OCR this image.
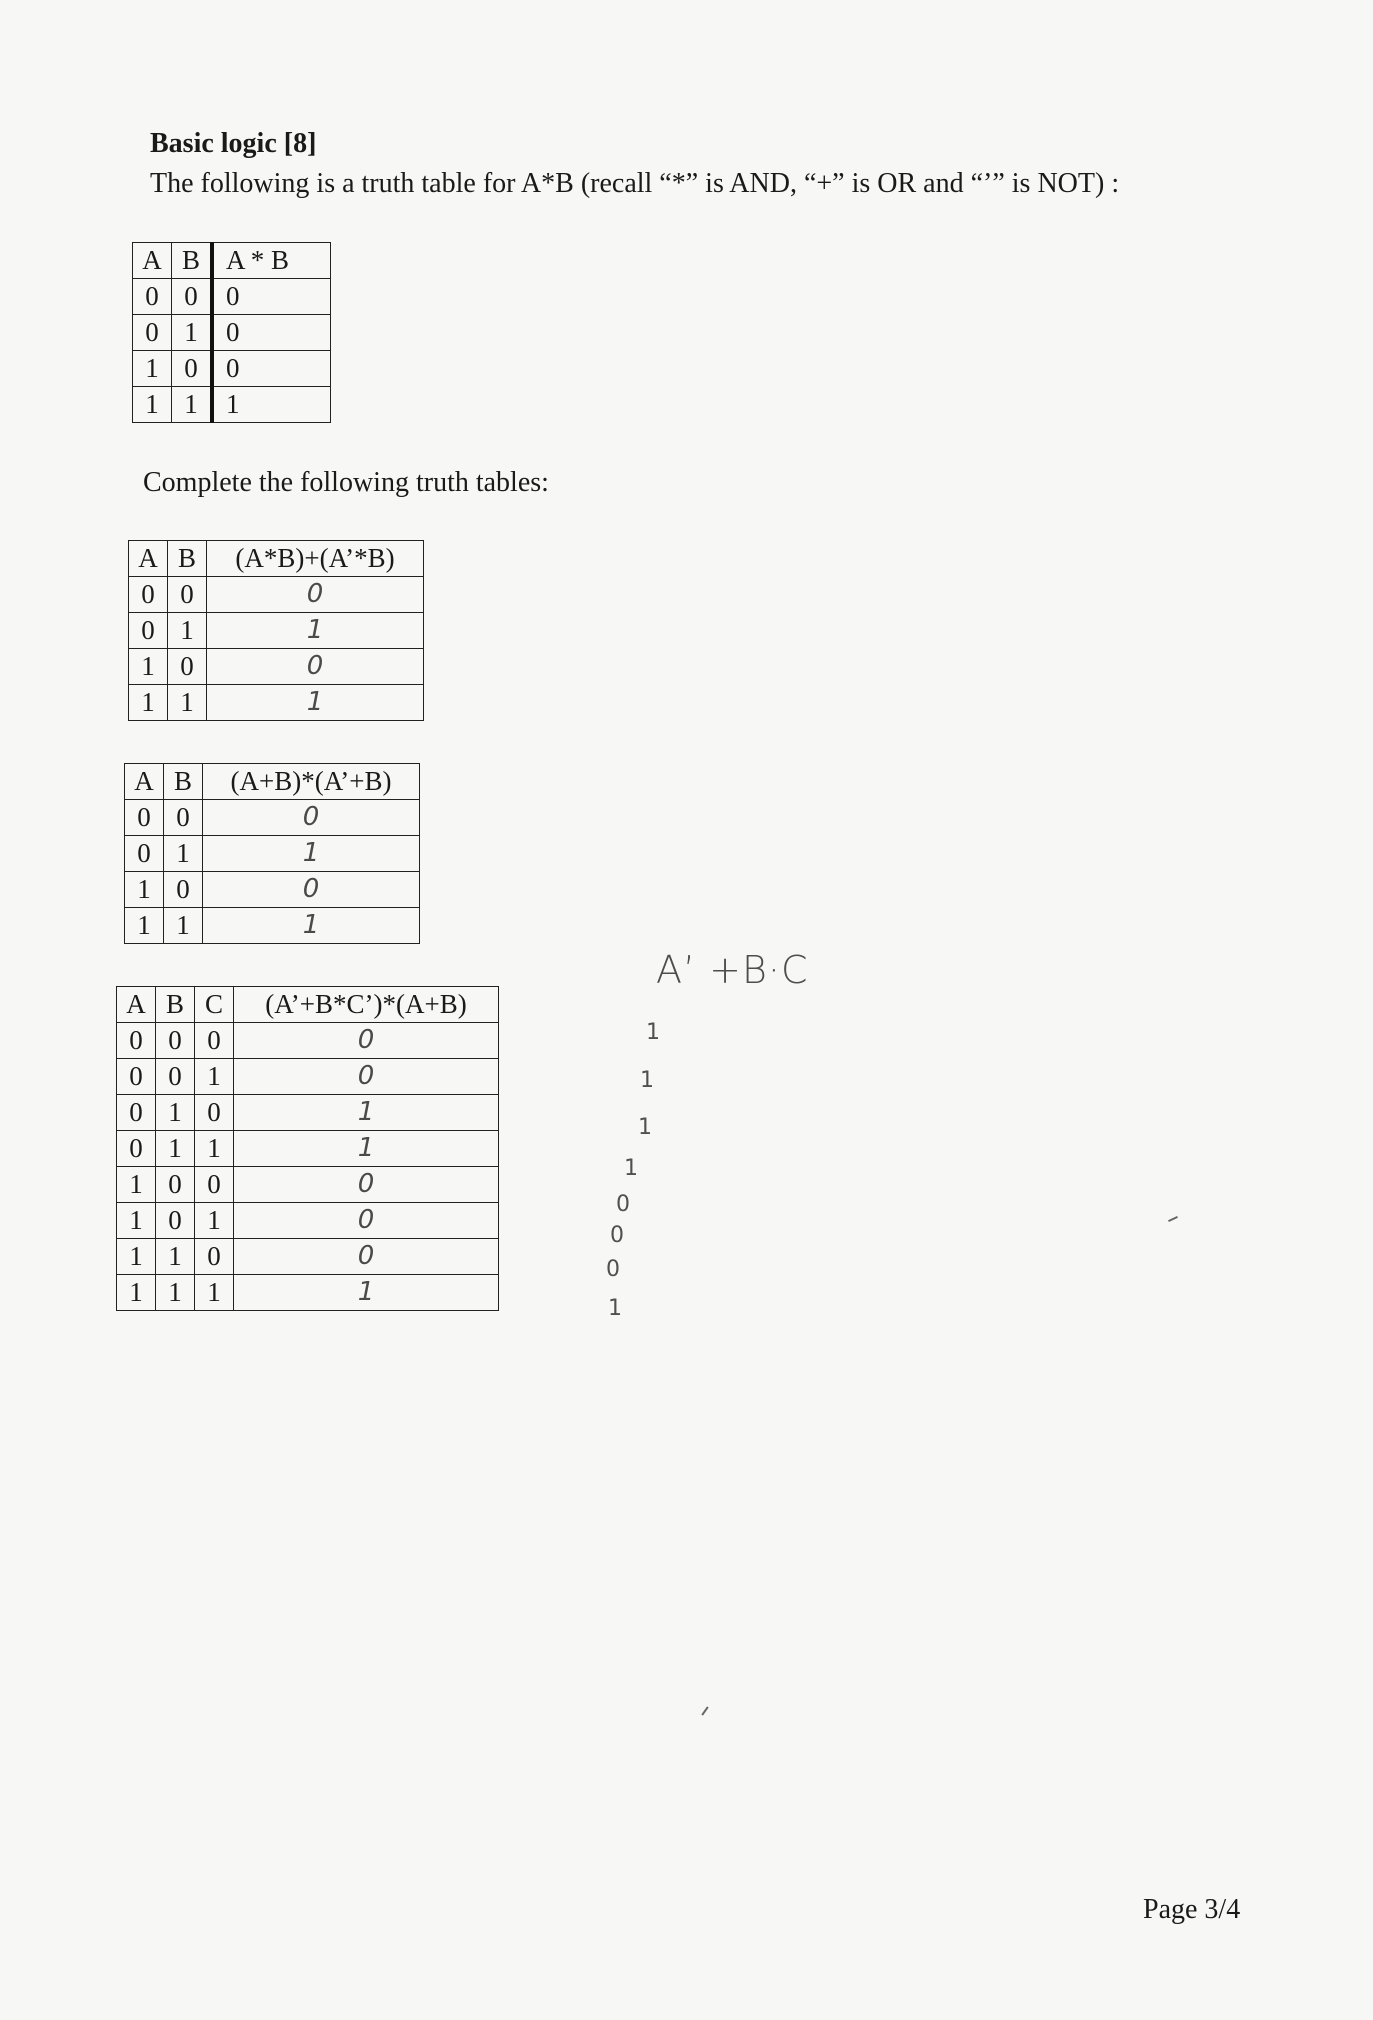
Basic logic [8]
The following is a truth table for A*B (recall “*” is AND, “+” is OR and “’” is NOT) :
A	B	A * B
0	0	0
0	1	0
1	0	0
1	1	1
Complete the following truth tables:
A	B	(A*B)+(A’*B)
0	0	0
0	1	1
1	0	0
1	1	1
A	B	(A+B)*(A’+B)
0	0	0
0	1	1
1	0	0
1	1	1
A	B	C	(A’+B*C’)*(A+B)
0	0	0	0
0	0	1	0
0	1	0	1
0	1	1	1
1	0	0	0
1	0	1	0
1	1	0	0
1	1	1	1
A’ +B·C
1
1
1
1
0
0
0
1
Page 3/4
